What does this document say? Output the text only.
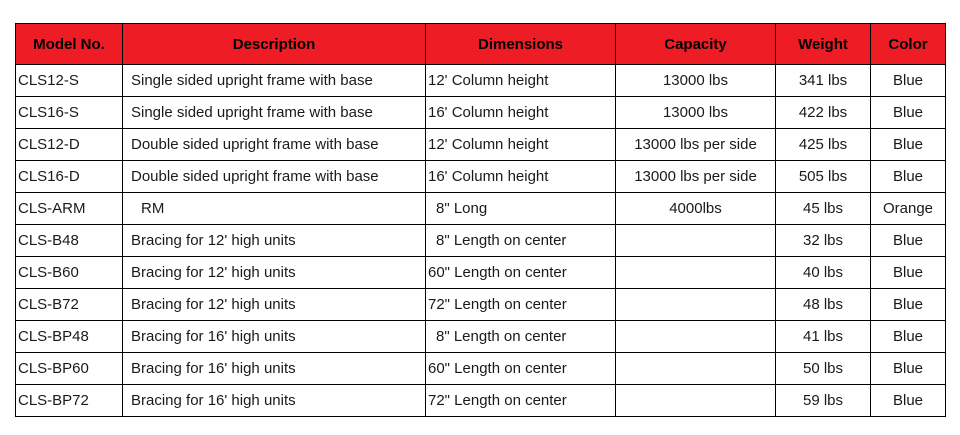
Model No.	Description	Dimensions	Capacity	Weight	Color
CLS12-S	Single sided upright frame with base	12' Column height	13000 lbs	341 lbs	Blue
CLS16-S	Single sided upright frame with base	16' Column height	13000 lbs	422 lbs	Blue
CLS12-D	Double sided upright frame with base	12' Column height	13000 lbs per side	425 lbs	Blue
CLS16-D	Double sided upright frame with base	16' Column height	13000 lbs per side	505 lbs	Blue
CLS-ARM	RM	8" Long	4000lbs	45 lbs	Orange
CLS-B48	Bracing for 12' high units	8" Length on center		32 lbs	Blue
CLS-B60	Bracing for 12' high units	60" Length on center		40 lbs	Blue
CLS-B72	Bracing for 12' high units	72" Length on center		48 lbs	Blue
CLS-BP48	Bracing for 16' high units	8" Length on center		41 lbs	Blue
CLS-BP60	Bracing for 16' high units	60" Length on center		50 lbs	Blue
CLS-BP72	Bracing for 16' high units	72" Length on center		59 lbs	Blue
